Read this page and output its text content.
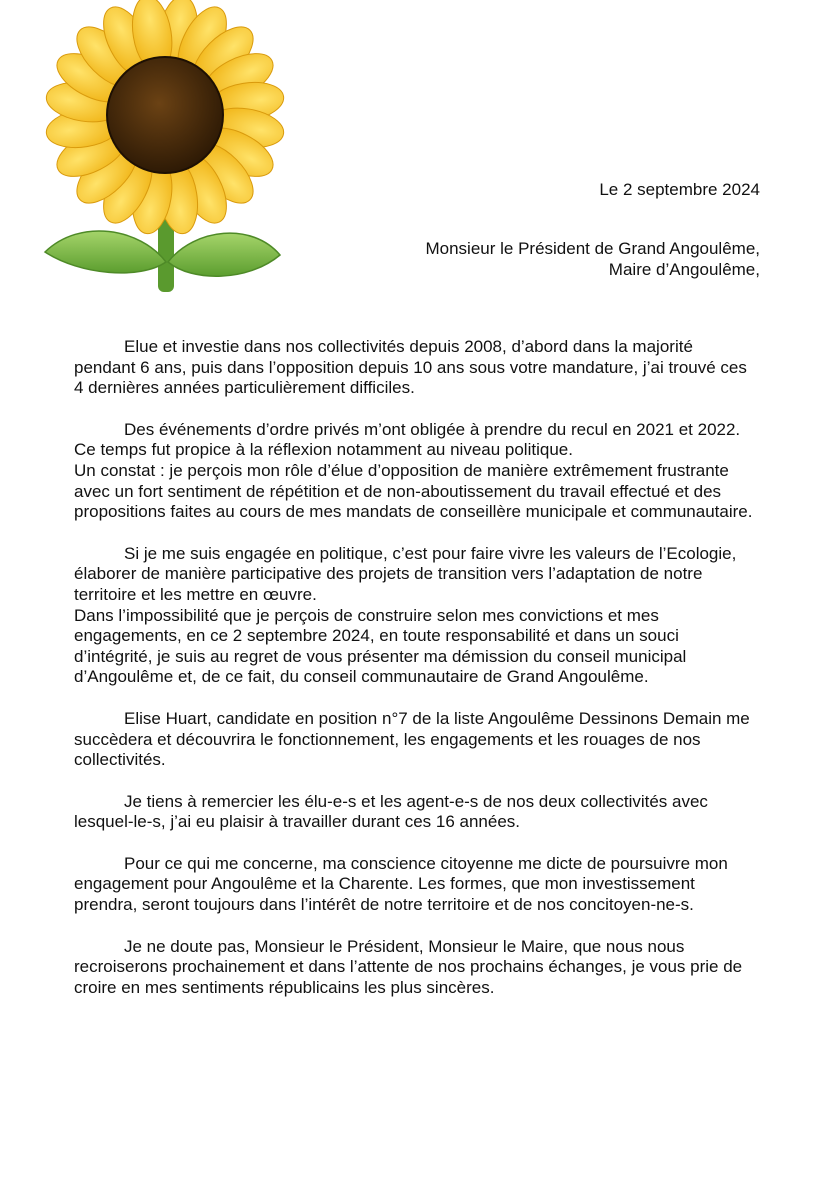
Le 2 septembre 2024
Monsieur le Président de Grand Angoulême,
Maire d’Angoulême,
Elue et investie dans nos collectivités depuis 2008, d’abord dans la majorité
pendant 6 ans, puis dans l’opposition depuis 10 ans sous votre mandature, j’ai trouvé ces
4 dernières années particulièrement difficiles.
Des événements d’ordre privés m’ont obligée à prendre du recul en 2021 et 2022.
Ce temps fut propice à la réflexion notamment au niveau politique.
Un constat : je perçois mon rôle d’élue d’opposition de manière extrêmement frustrante
avec un fort sentiment de répétition et de non-aboutissement du travail effectué et des
propositions faites au cours de mes mandats de conseillère municipale et communautaire.
Si je me suis engagée en politique, c’est pour faire vivre les valeurs de l’Ecologie,
élaborer de manière participative des projets de transition vers l’adaptation de notre
territoire et les mettre en œuvre.
Dans l’impossibilité que je perçois de construire selon mes convictions et mes
engagements, en ce 2 septembre 2024, en toute responsabilité et dans un souci
d’intégrité, je suis au regret de vous présenter ma démission du conseil municipal
d’Angoulême et, de ce fait, du conseil communautaire de Grand Angoulême.
Elise Huart, candidate en position n°7 de la liste Angoulême Dessinons Demain me
succèdera et découvrira le fonctionnement, les engagements et les rouages de nos
collectivités.
Je tiens à remercier les élu-e-s et les agent-e-s de nos deux collectivités avec
lesquel-le-s, j’ai eu plaisir à travailler durant ces 16 années.
Pour ce qui me concerne, ma conscience citoyenne me dicte de poursuivre mon
engagement pour Angoulême et la Charente. Les formes, que mon investissement
prendra, seront toujours dans l’intérêt de notre territoire et de nos concitoyen-ne-s.
Je ne doute pas, Monsieur le Président, Monsieur le Maire, que nous nous
recroiserons prochainement et dans l’attente de nos prochains échanges, je vous prie de
croire en mes sentiments républicains les plus sincères.
